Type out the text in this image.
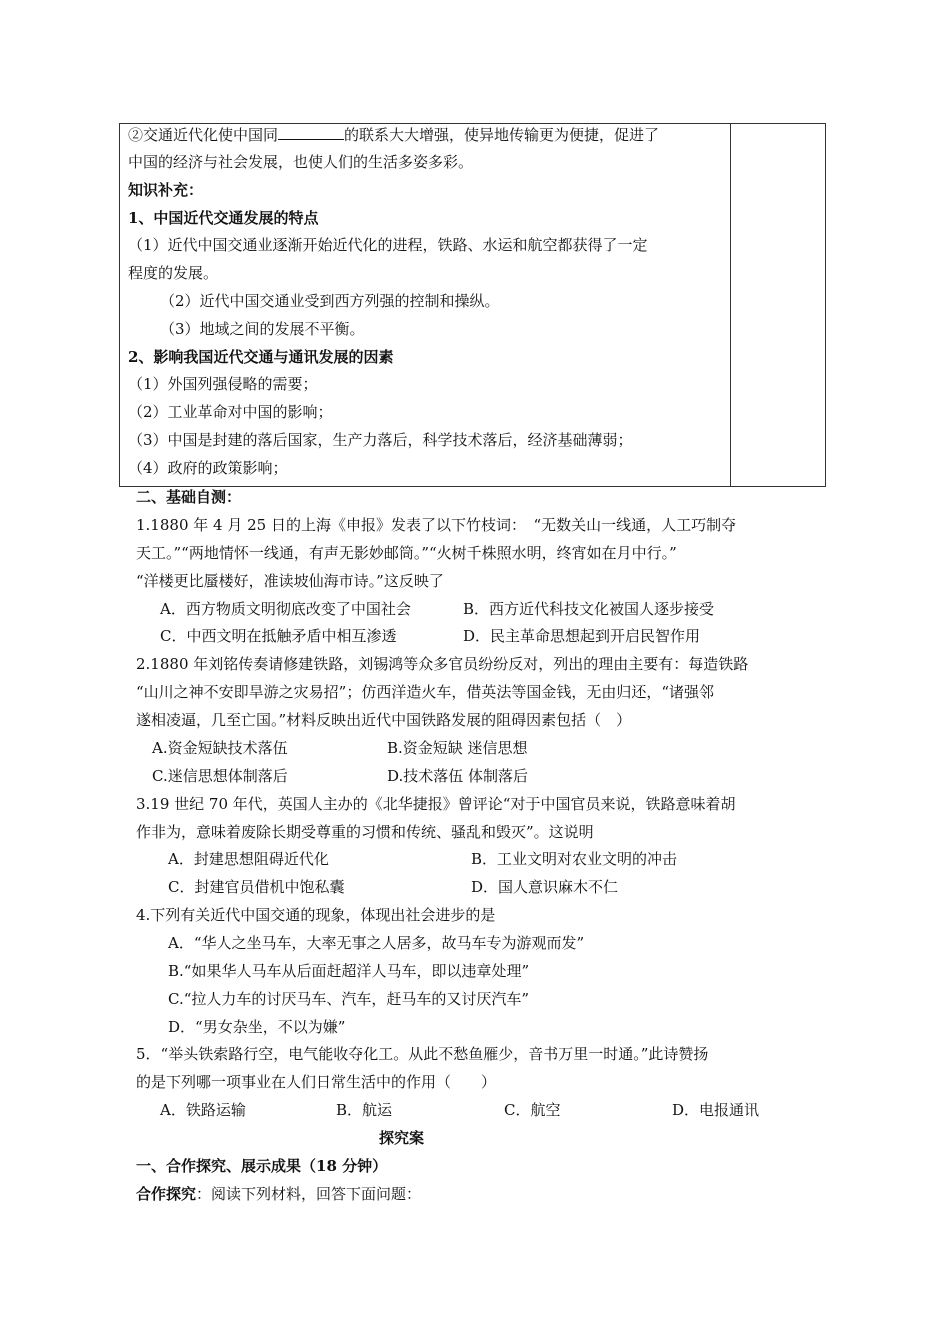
②交通近代化使中国同	的联系大大增强，使异地传输更为便捷，促进了
中国的经济与社会发展，也使人们的生活多姿多彩。
知识补充：
1、中国近代交通发展的特点
（1）近代中国交通业逐渐开始近代化的进程，铁路、水运和航空都获得了一定
程度的发展。
（2）近代中国交通业受到西方列强的控制和操纵。
（3）地域之间的发展不平衡。
2、影响我国近代交通与通讯发展的因素
（1）外国列强侵略的需要；
（2）工业革命对中国的影响；
（3）中国是封建的落后国家，生产力落后，科学技术落后，经济基础薄弱；
（4）政府的政策影响；
二、基础自测：
1.1880 年 4 月 25 日的上海《申报》发表了以下竹枝词：　“无数关山一线通，人工巧制夺
天工。”“两地情怀一线通，有声无影妙邮筒。”“火树千株照水明，终宵如在月中行。”
“洋楼更比蜃楼好，准读坡仙海市诗。”这反映了
A．西方物质文明彻底改变了中国社会	B．西方近代科技文化被国人逐步接受
C．中西文明在抵触矛盾中相互渗透	D．民主革命思想起到开启民智作用
2.1880 年刘铭传奏请修建铁路，刘锡鸿等众多官员纷纷反对，列出的理由主要有：每造铁路
“山川之神不安即旱游之灾易招”；仿西洋造火车，借英法等国金钱，无由归还，“诸强邻
遂相凌逼，几至亡国。”材料反映出近代中国铁路发展的阻碍因素包括（　）
A.资金短缺技术落伍	B.资金短缺 迷信思想
C.迷信思想体制落后	D.技术落伍 体制落后
3.19 世纪 70 年代，英国人主办的《北华捷报》曾评论“对于中国官员来说，铁路意味着胡
作非为，意味着废除长期受尊重的习惯和传统、骚乱和毁灭”。这说明
A．封建思想阻碍近代化	B．工业文明对农业文明的冲击
C．封建官员借机中饱私囊	D．国人意识麻木不仁
4.下列有关近代中国交通的现象，体现出社会进步的是
A．“华人之坐马车，大率无事之人居多，故马车专为游观而发”
B.“如果华人马车从后面赶超洋人马车，即以违章处理”
C.“拉人力车的讨厌马车、汽车，赶马车的又讨厌汽车”
D．“男女杂坐，不以为嫌”
5．“举头铁索路行空，电气能收夺化工。从此不愁鱼雁少，音书万里一时通。”此诗赞扬
的是下列哪一项事业在人们日常生活中的作用（　　）
A．铁路运输	B．航运	C．航空	D．电报通讯
探究案
一、合作探究、展示成果（18 分钟）
合作探究：阅读下列材料，回答下面问题：
